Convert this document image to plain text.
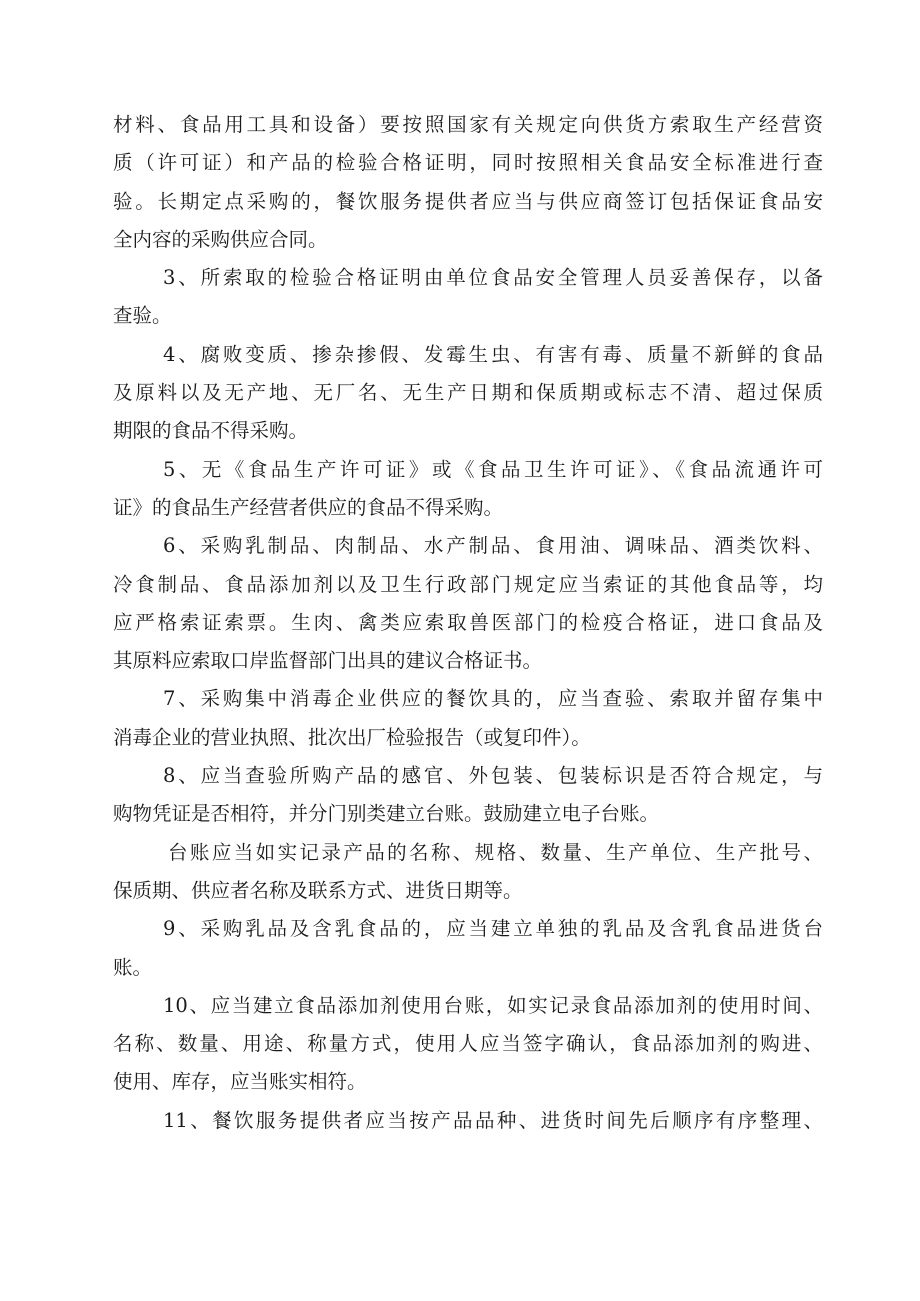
材料、食品用工具和设备）要按照国家有关规定向供货方索取生产经营资
质（许可证）和产品的检验合格证明，同时按照相关食品安全标准进行查
验。长期定点采购的，餐饮服务提供者应当与供应商签订包括保证食品安
全内容的采购供应合同。
3、所索取的检验合格证明由单位食品安全管理人员妥善保存，以备
查验。
4、腐败变质、掺杂掺假、发霉生虫、有害有毒、质量不新鲜的食品
及原料以及无产地、无厂名、无生产日期和保质期或标志不清、超过保质
期限的食品不得采购。
5、无《食品生产许可证》或《食品卫生许可证》、《食品流通许可
证》的食品生产经营者供应的食品不得采购。
6、采购乳制品、肉制品、水产制品、食用油、调味品、酒类饮料、
冷食制品、食品添加剂以及卫生行政部门规定应当索证的其他食品等，均
应严格索证索票。生肉、禽类应索取兽医部门的检疫合格证，进口食品及
其原料应索取口岸监督部门出具的建议合格证书。
7、采购集中消毒企业供应的餐饮具的，应当查验、索取并留存集中
消毒企业的营业执照、批次出厂检验报告（或复印件）。
8、应当查验所购产品的感官、外包装、包装标识是否符合规定，与
购物凭证是否相符，并分门别类建立台账。鼓励建立电子台账。
台账应当如实记录产品的名称、规格、数量、生产单位、生产批号、
保质期、供应者名称及联系方式、进货日期等。
9、采购乳品及含乳食品的，应当建立单独的乳品及含乳食品进货台
账。
10、应当建立食品添加剂使用台账，如实记录食品添加剂的使用时间、
名称、数量、用途、称量方式，使用人应当签字确认，食品添加剂的购进、
使用、库存，应当账实相符。
11、餐饮服务提供者应当按产品品种、进货时间先后顺序有序整理、
